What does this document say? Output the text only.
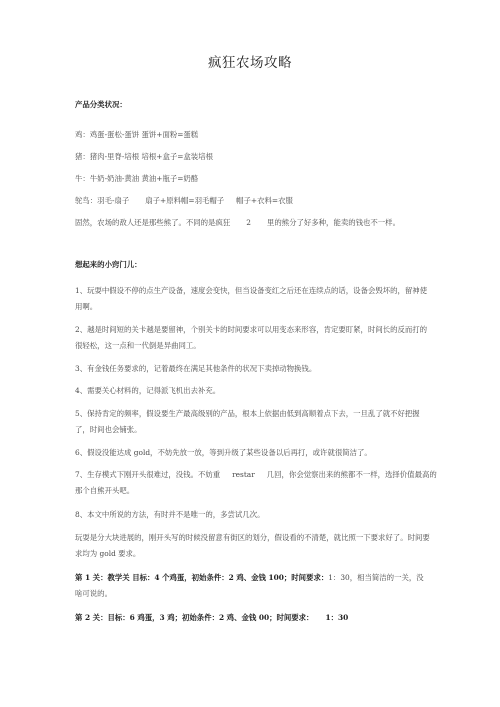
疯狂农场攻略
产品分类状况：
鸡：鸡蛋-蛋松-蛋饼 蛋饼+面粉=蛋糕
猪：猪肉-里脊-培根 培根+盒子=盒装培根
牛：牛奶-奶油-黄油 黄油+瓶子=奶酪
鸵鸟：羽毛-扇子 扇子+原料帽=羽毛帽子 帽子+衣料=衣服
固然，农场的敌人还是那些熊了。不同的是疯狂 2 里的熊分了好多种，能卖的钱也不一样。
想起来的小窍门儿：
1、玩耍中假设不停的点生产设备，速度会变快，但当设备变红之后还在连续点的话，设备会毁坏的，留神使用啊。
2、越是时间短的关卡越是要留神，个别关卡的时间要求可以用变态来形容，肯定要盯紧，时间长的反而打的很轻松，这一点和一代倒是异曲同工。
3、有金钱任务要求的，记着最终在满足其他条件的状况下卖掉动物换钱。
4、需要关心材料的，记得派飞机出去补充。
5、保持肯定的频率，假设要生产最高级别的产品，根本上依据由低到高顺着点下去，一旦乱了就不好把握了，时间也会铺张。
6、假设没能达成 gold，不妨先放一放，等到升级了某些设备以后再打，或许就很简洁了。
7、生存模式下刚开头很难过，没钱。不妨重 restar 几回，你会觉察出来的熊都不一样，选择价值最高的
那个自熊开头吧。
8、本文中所说的方法，有时并不是唯一的，多尝试几次。
玩耍是分大块进展的，刚开头写的时候没留意有街区的划分，假设看的不清楚，就比照一下要求好了。时间要求均为 gold 要求。
第 1 关：教学关 目标：4 个鸡蛋，初始条件：2 鸡、金钱 100；时间要求：1：30，相当简洁的一关，没啥可说的。
第 2 关：目标：6 鸡蛋，3 鸡；初始条件：2 鸡、金钱 00；时间要求： 1：30
